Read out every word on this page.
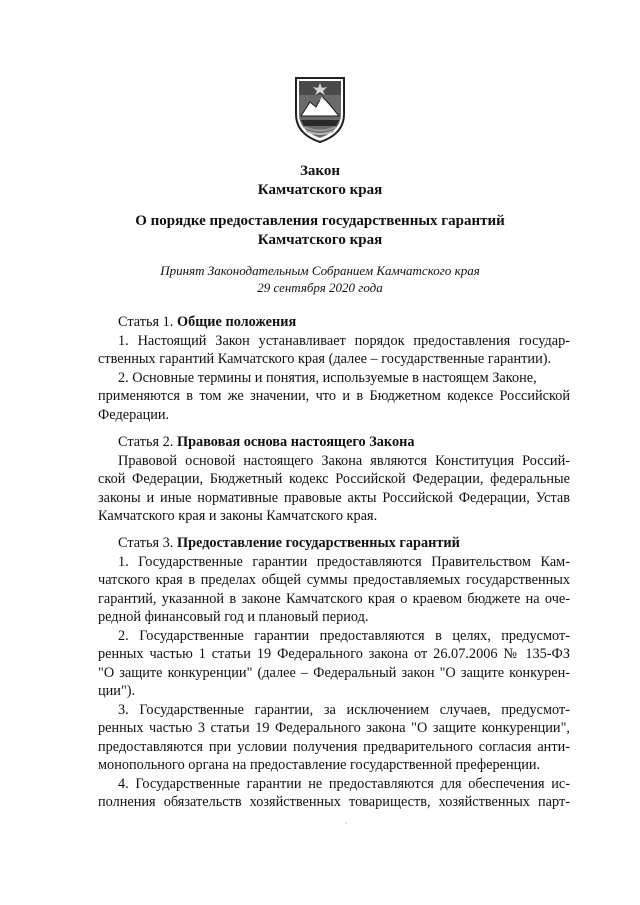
Закон
Камчатского края
О порядке предоставления государственных гарантий
Камчатского края
Принят Законодательным Собранием Камчатского края
29 сентября 2020 года
Статья 1. Общие положения
1. Настоящий Закон устанавливает порядок предоставления государ-
ственных гарантий Камчатского края (далее – государственные гарантии).
2. Основные термины и понятия, используемые в настоящем Законе,
применяются в том же значении, что и в Бюджетном кодексе Российской
Федерации.
Статья 2. Правовая основа настоящего Закона
Правовой основой настоящего Закона являются Конституция Россий-
ской Федерации, Бюджетный кодекс Российской Федерации, федеральные
законы и иные нормативные правовые акты Российской Федерации, Устав
Камчатского края и законы Камчатского края.
Статья 3. Предоставление государственных гарантий
1. Государственные гарантии предоставляются Правительством Кам-
чатского края в пределах общей суммы предоставляемых государственных
гарантий, указанной в законе Камчатского края о краевом бюджете на оче-
редной финансовый год и плановый период.
2. Государственные гарантии предоставляются в целях, предусмот-
ренных частью 1 статьи 19 Федерального закона от 26.07.2006 № 135-ФЗ
"О защите конкуренции" (далее – Федеральный закон "О защите конкурен-
ции").
3. Государственные гарантии, за исключением случаев, предусмот-
ренных частью 3 статьи 19 Федерального закона "О защите конкуренции",
предоставляются при условии получения предварительного согласия анти-
монопольного органа на предоставление государственной преференции.
4. Государственные гарантии не предоставляются для обеспечения ис-
полнения обязательств хозяйственных товариществ, хозяйственных парт-
